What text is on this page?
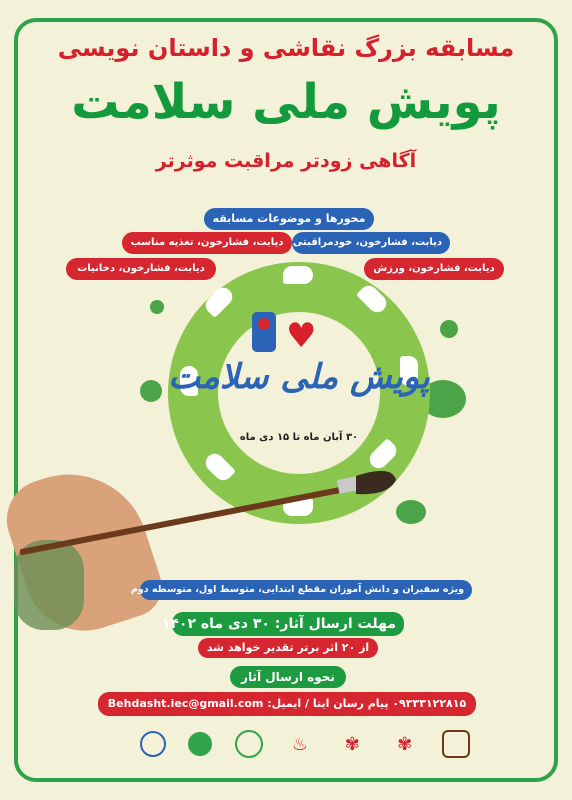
مسابقه بزرگ نقاشی و داستان نویسی
پویش ملی سلامت
آگاهی زودتر مراقبت موثرتر
محورها و موضوعات مسابقه
دیابت، فشارخون، خودمراقبتی
دیابت، فشارخون، تغذیه مناسب
دیابت، فشارخون، ورزش
دیابت، فشارخون، دخانیات
♥
پویش ملی سلامت
۳۰ آبان ماه تا ۱۵ دی ماه
ویژه سفیران و دانش آموزان مقطع ابتدایی، متوسط اول، متوسطه دوم
مهلت ارسال آثار: ۳۰ دی ماه ۱۴۰۲
از ۲۰ اثر برتر تقدیر خواهد شد
نحوه ارسال آثار
۰۹۳۳۳۱۲۲۸۱۵ پیام رسان ایتا / ایمیل: Behdasht.iec@gmail.com
♨	✾	✾
